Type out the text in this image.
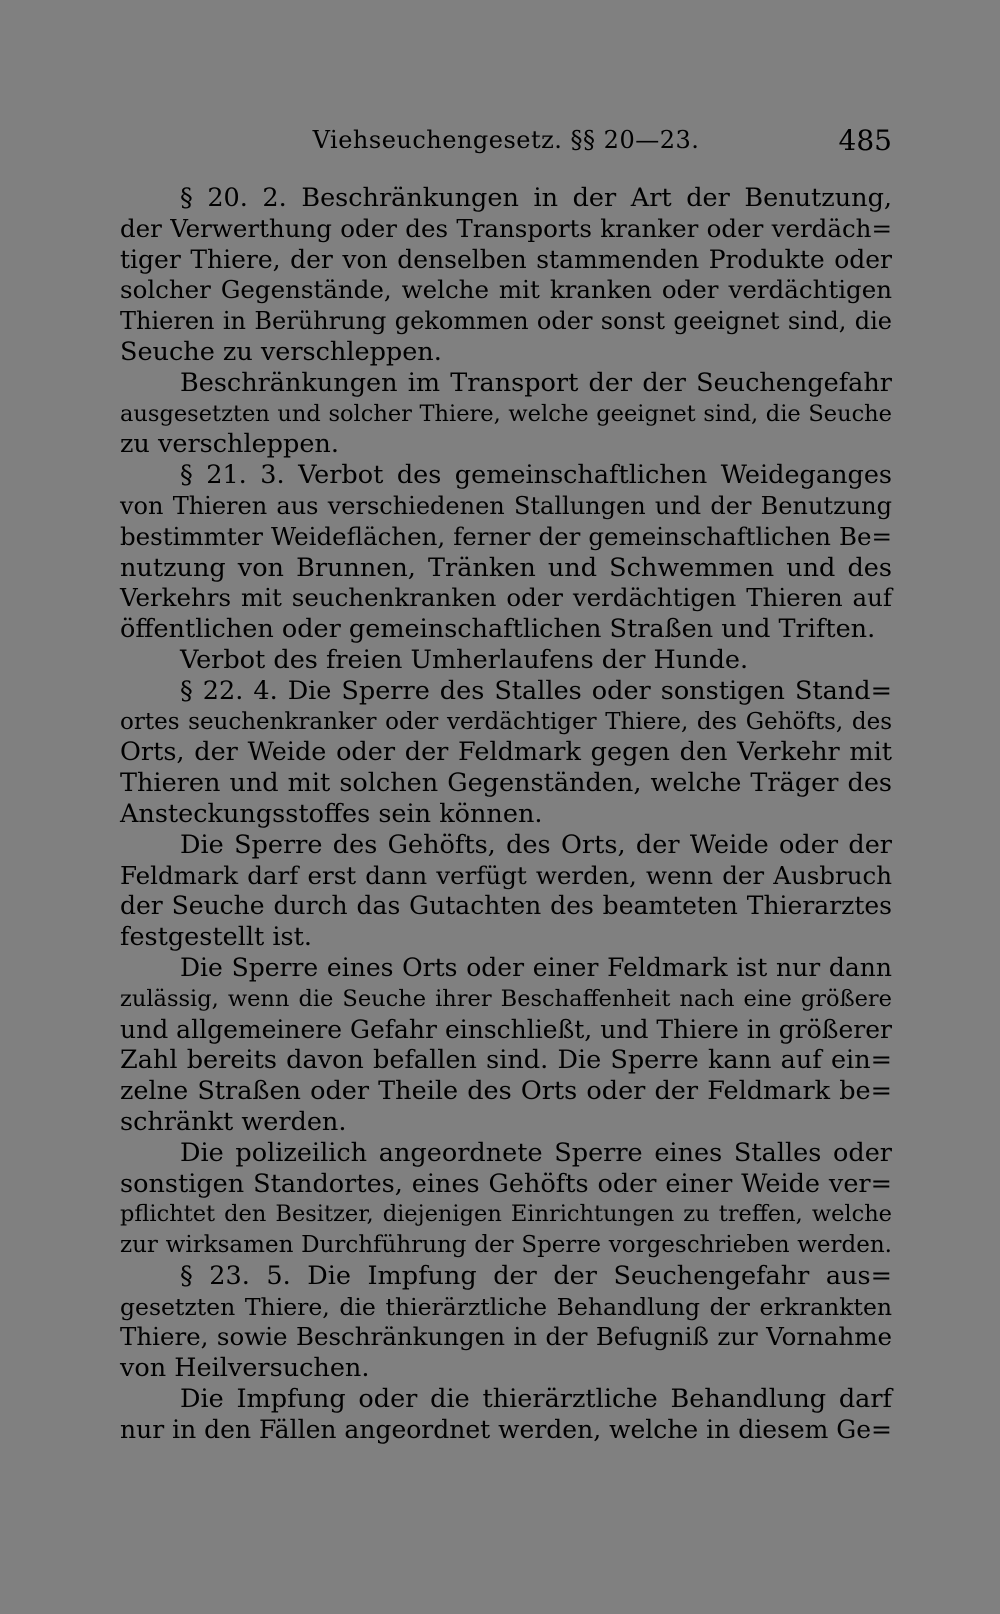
Viehseuchengesetz. §§ 20—23.	485
§ 20. 2. Beschränkungen in der Art der Benutzung,
der Verwerthung oder des Transports kranker oder verdäch=
tiger Thiere, der von denselben stammenden Produkte oder
solcher Gegenstände, welche mit kranken oder verdächtigen
Thieren in Berührung gekommen oder sonst geeignet sind, die
Seuche zu verschleppen.
Beschränkungen im Transport der der Seuchengefahr
ausgesetzten und solcher Thiere, welche geeignet sind, die Seuche
zu verschleppen.
§ 21. 3. Verbot des gemeinschaftlichen Weideganges
von Thieren aus verschiedenen Stallungen und der Benutzung
bestimmter Weideflächen, ferner der gemeinschaftlichen Be=
nutzung von Brunnen, Tränken und Schwemmen und des
Verkehrs mit seuchenkranken oder verdächtigen Thieren auf
öffentlichen oder gemeinschaftlichen Straßen und Triften.
Verbot des freien Umherlaufens der Hunde.
§ 22. 4. Die Sperre des Stalles oder sonstigen Stand=
ortes seuchenkranker oder verdächtiger Thiere, des Gehöfts, des
Orts, der Weide oder der Feldmark gegen den Verkehr mit
Thieren und mit solchen Gegenständen, welche Träger des
Ansteckungsstoffes sein können.
Die Sperre des Gehöfts, des Orts, der Weide oder der
Feldmark darf erst dann verfügt werden, wenn der Ausbruch
der Seuche durch das Gutachten des beamteten Thierarztes
festgestellt ist.
Die Sperre eines Orts oder einer Feldmark ist nur dann
zulässig, wenn die Seuche ihrer Beschaffenheit nach eine größere
und allgemeinere Gefahr einschließt, und Thiere in größerer
Zahl bereits davon befallen sind. Die Sperre kann auf ein=
zelne Straßen oder Theile des Orts oder der Feldmark be=
schränkt werden.
Die polizeilich angeordnete Sperre eines Stalles oder
sonstigen Standortes, eines Gehöfts oder einer Weide ver=
pflichtet den Besitzer, diejenigen Einrichtungen zu treffen, welche
zur wirksamen Durchführung der Sperre vorgeschrieben werden.
§ 23. 5. Die Impfung der der Seuchengefahr aus=
gesetzten Thiere, die thierärztliche Behandlung der erkrankten
Thiere, sowie Beschränkungen in der Befugniß zur Vornahme
von Heilversuchen.
Die Impfung oder die thierärztliche Behandlung darf
nur in den Fällen angeordnet werden, welche in diesem Ge=
